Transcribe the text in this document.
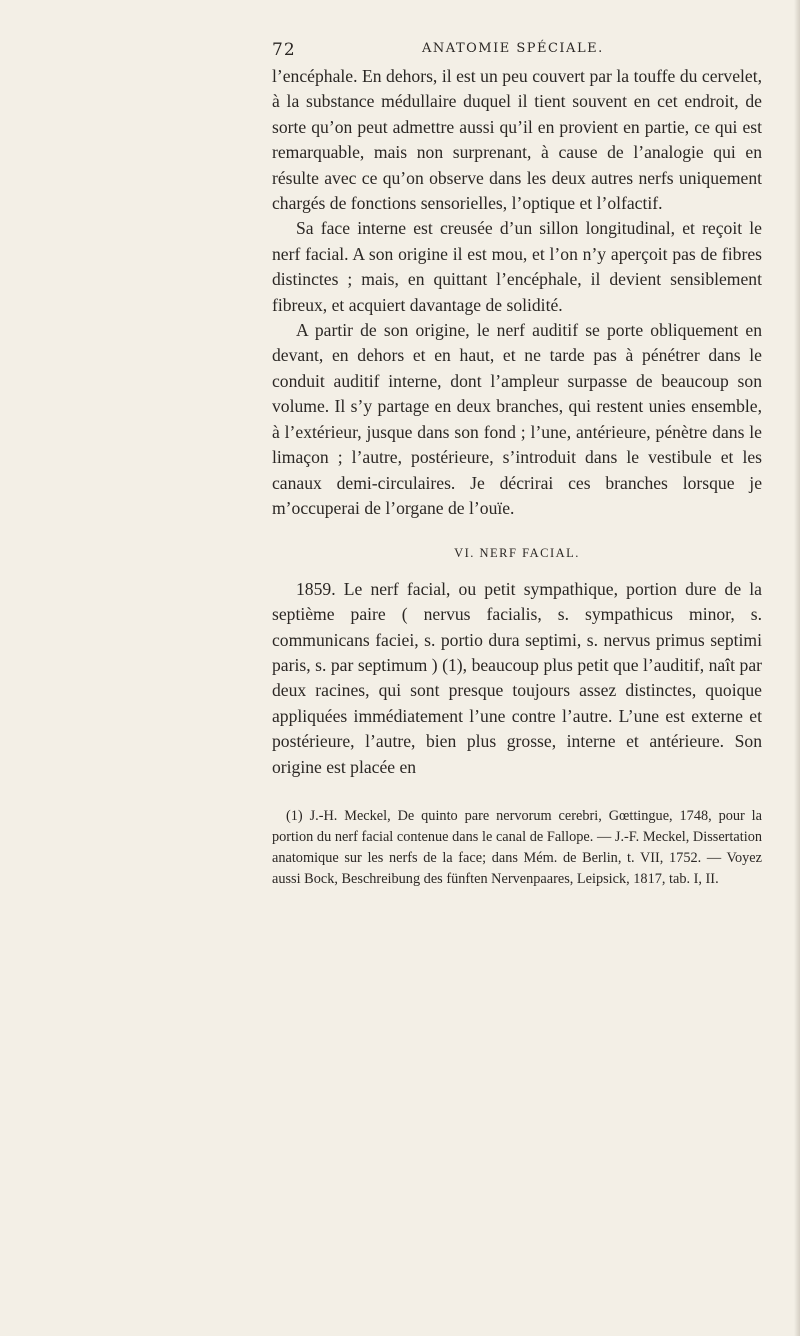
72	ANATOMIE SPÉCIALE.

l’encéphale. En dehors, il est un peu couvert par la touffe du cervelet, à la substance médullaire duquel il tient souvent en cet endroit, de sorte qu’on peut admettre aussi qu’il en provient en partie, ce qui est remarquable, mais non surprenant, à cause de l’analogie qui en résulte avec ce qu’on observe dans les deux autres nerfs uniquement chargés de fonctions sensorielles, l’optique et l’olfactif.

Sa face interne est creusée d’un sillon longitudinal, et reçoit le nerf facial. A son origine il est mou, et l’on n’y aperçoit pas de fibres distinctes ; mais, en quittant l’encéphale, il devient sensiblement fibreux, et acquiert davantage de solidité.

A partir de son origine, le nerf auditif se porte obliquement en devant, en dehors et en haut, et ne tarde pas à pénétrer dans le conduit auditif interne, dont l’ampleur surpasse de beaucoup son volume. Il s’y partage en deux branches, qui restent unies ensemble, à l’extérieur, jusque dans son fond ; l’une, antérieure, pénètre dans le limaçon ; l’autre, postérieure, s’introduit dans le vestibule et les canaux demi-circulaires. Je décrirai ces branches lorsque je m’occuperai de l’organe de l’ouïe.

VI. NERF FACIAL.

1859. Le nerf facial, ou petit sympathique, portion dure de la septième paire ( nervus facialis, s. sympathicus minor, s. communicans faciei, s. portio dura septimi, s. nervus primus septimi paris, s. par septimum ) (1), beaucoup plus petit que l’auditif, naît par deux racines, qui sont presque toujours assez distinctes, quoique appliquées immédiatement l’une contre l’autre. L’une est externe et postérieure, l’autre, bien plus grosse, interne et antérieure. Son origine est placée en

(1) J.-H. Meckel, De quinto pare nervorum cerebri, Gœttingue, 1748, pour la portion du nerf facial contenue dans le canal de Fallope. — J.-F. Meckel, Dissertation anatomique sur les nerfs de la face; dans Mém. de Berlin, t. VII, 1752. — Voyez aussi Bock, Beschreibung des fünften Nervenpaares, Leipsick, 1817, tab. I, II.
